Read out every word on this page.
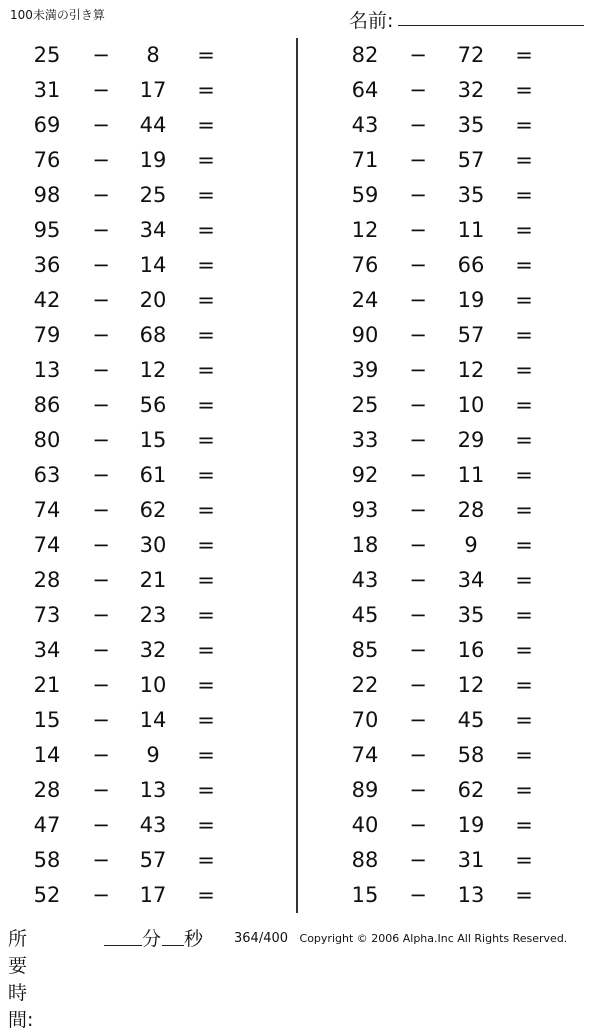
100未満の引き算	名前:
25 −	8	=
31 − 17 =
69 − 44 =
76 − 19 =
98 − 25 =
95 − 34 =
36 − 14 =
42 − 20 =
79 − 68 =
13 − 12 =
86 − 56 =
80 − 15 =
63 − 61 =
74 − 62 =
74 − 30 =
28 − 21 =
73 − 23 =
34 − 32 =
21 − 10 =
15 − 14 =
14 −	9	=
28 − 13 =
47 − 43 =
58 − 57 =
52 − 17 =
82 − 72 =
64 − 32 =
43 − 35 =
71 − 57 =
59 − 35 =
12 − 11 =
76 − 66 =
24 − 19 =
90 − 57 =
39 − 12 =
25 − 10 =
33 − 29 =
92 − 11 =
93 − 28 =
18 −	9	=
43 − 34 =
45 − 35 =
85 − 16 =
22 − 12 =
70 − 45 =
74 − 58 =
89 − 62 =
40 − 19 =
88 − 31 =
15 − 13 =
所要時間:
分 秒 364/400 Copyright © 2006 Alpha.Inc All Rights Reserved.
